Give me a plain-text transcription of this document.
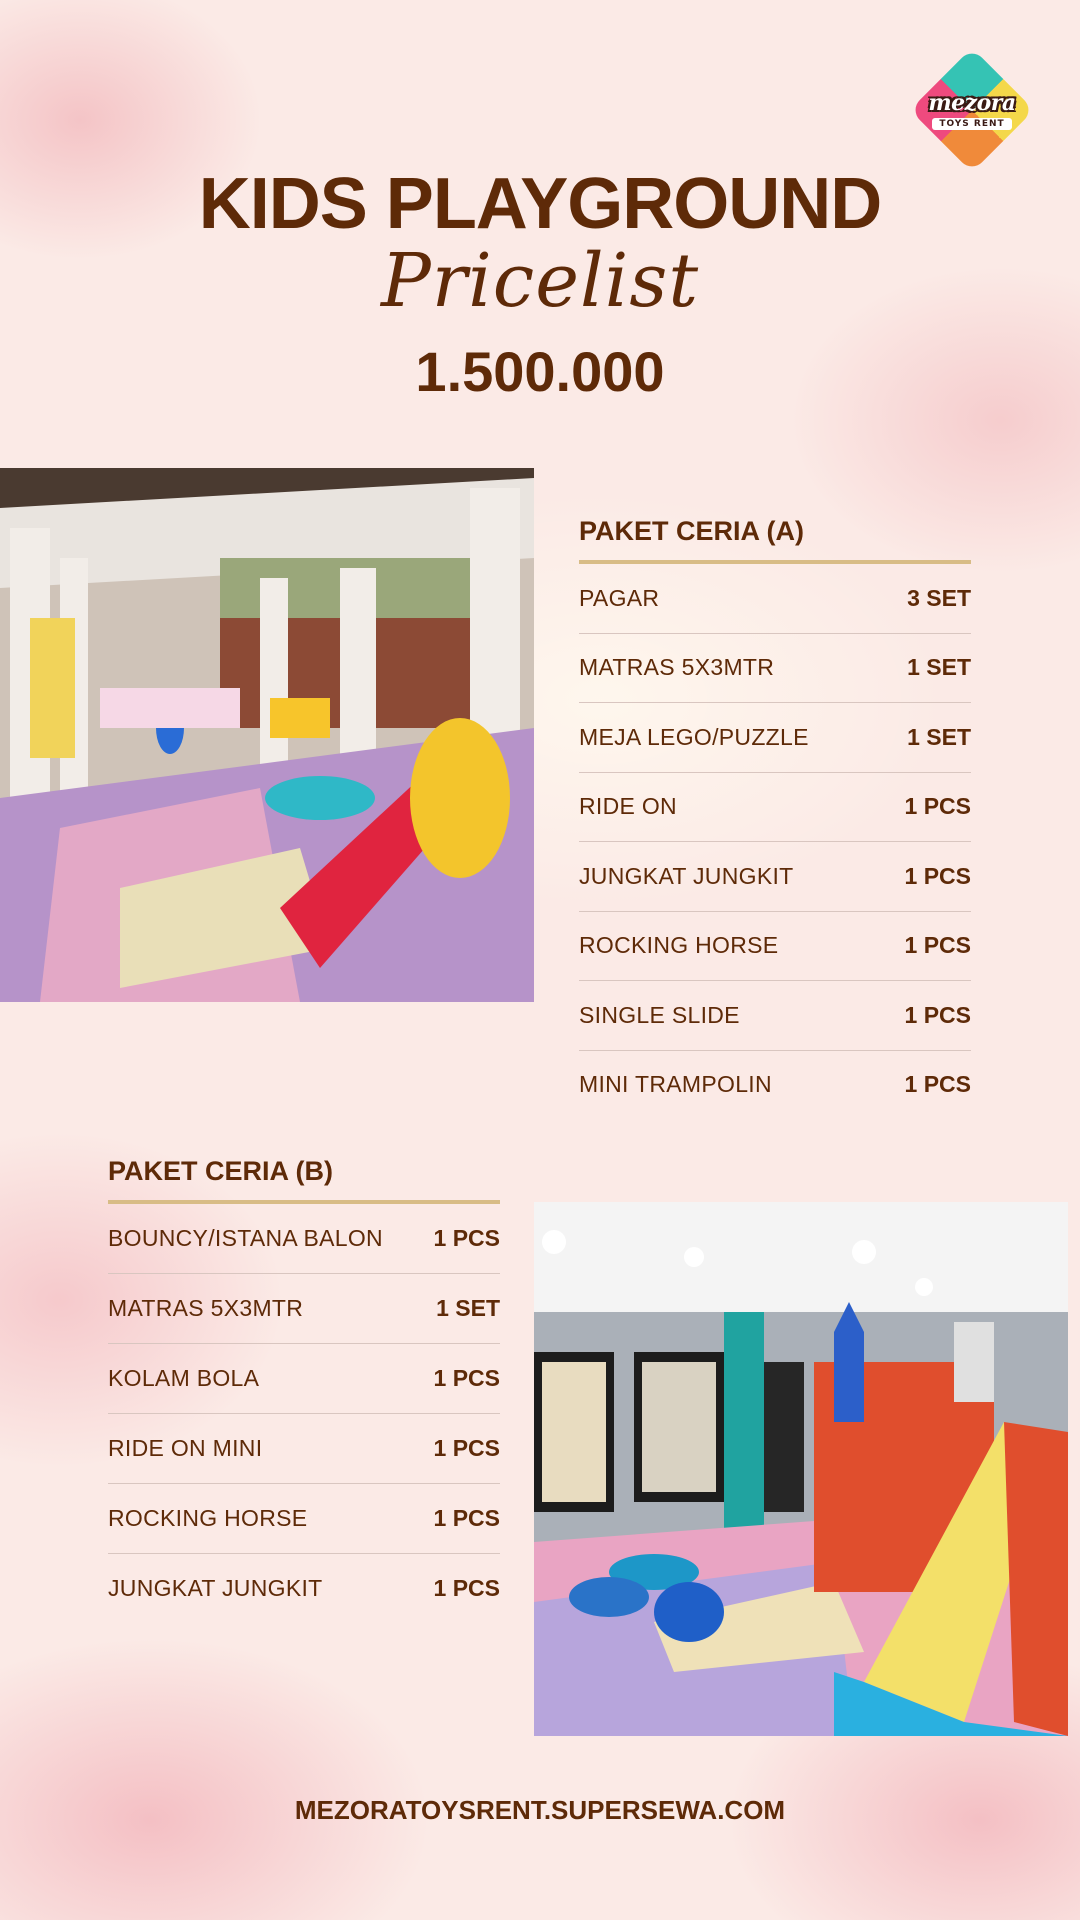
mezora
TOYS RENT
KIDS PLAYGROUND
Pricelist
1.500.000
PAKET CERIA (A)
PAGAR	3 SET
MATRAS 5X3MTR	1 SET
MEJA LEGO/PUZZLE	1 SET
RIDE ON	1 PCS
JUNGKAT JUNGKIT	1 PCS
ROCKING HORSE	1 PCS
SINGLE SLIDE	1 PCS
MINI TRAMPOLIN	1 PCS
PAKET CERIA (B)
BOUNCY/ISTANA BALON 1 PCS
MATRAS 5X3MTR	1 SET
KOLAM BOLA	1 PCS
RIDE ON MINI	1 PCS
ROCKING HORSE	1 PCS
JUNGKAT JUNGKIT	1 PCS
MEZORATOYSRENT.SUPERSEWA.COM
